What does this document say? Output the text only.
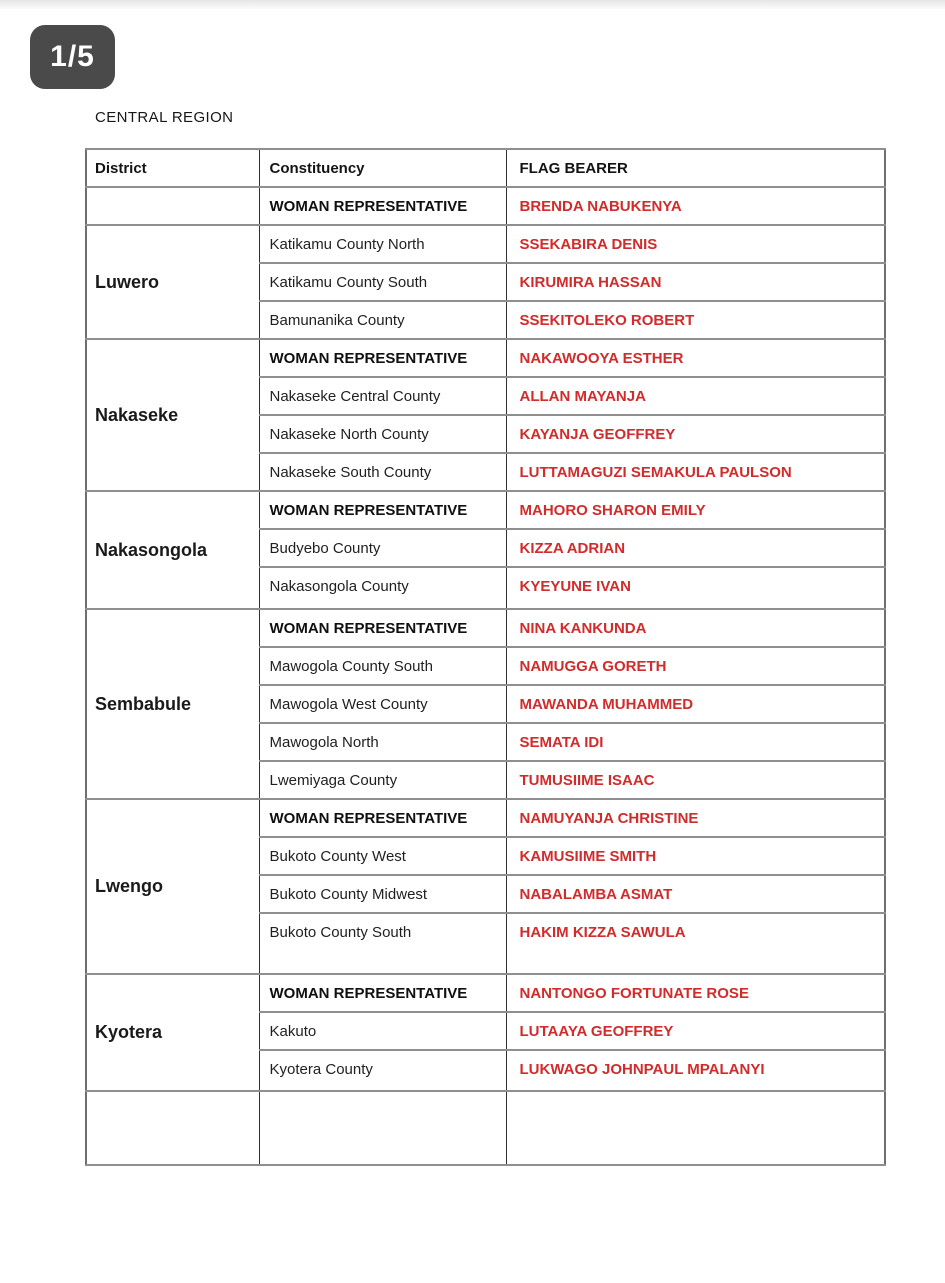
1/5
CENTRAL REGION
District	Constituency	FLAG BEARER
	WOMAN REPRESENTATIVE	BRENDA NABUKENYA
Luwero	Katikamu County North	SSEKABIRA DENIS
	Katikamu County South	KIRUMIRA HASSAN
	Bamunanika County	SSEKITOLEKO ROBERT
Nakaseke	WOMAN REPRESENTATIVE	NAKAWOOYA ESTHER
	Nakaseke Central County	ALLAN MAYANJA
	Nakaseke North County	KAYANJA GEOFFREY
	Nakaseke South County	LUTTAMAGUZI SEMAKULA PAULSON
Nakasongola	WOMAN REPRESENTATIVE	MAHORO SHARON EMILY
	Budyebo County	KIZZA ADRIAN
	Nakasongola County	KYEYUNE IVAN
Sembabule	WOMAN REPRESENTATIVE	NINA KANKUNDA
	Mawogola County South	NAMUGGA GORETH
	Mawogola West County	MAWANDA MUHAMMED
	Mawogola North	SEMATA IDI
	Lwemiyaga County	TUMUSIIME ISAAC
Lwengo	WOMAN REPRESENTATIVE	NAMUYANJA CHRISTINE
	Bukoto County West	KAMUSIIME SMITH
	Bukoto County Midwest	NABALAMBA ASMAT
	Bukoto County South	HAKIM KIZZA SAWULA
Kyotera	WOMAN REPRESENTATIVE	NANTONGO FORTUNATE ROSE
	Kakuto	LUTAAYA GEOFFREY
	Kyotera County	LUKWAGO JOHNPAUL MPALANYI
